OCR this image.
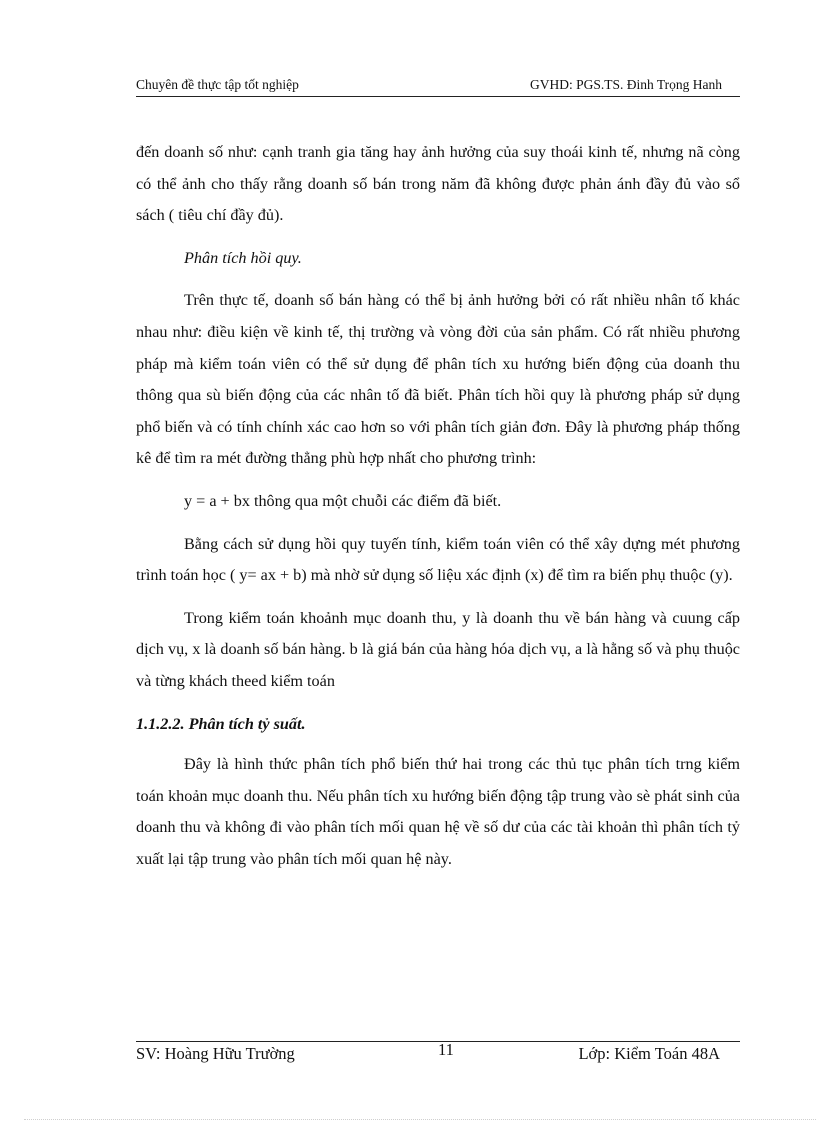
Chuyên đề thực tập tốt nghiệp	GVHD: PGS.TS. Đinh Trọng Hanh

đến doanh số như: cạnh tranh gia tăng hay ảnh hưởng của suy thoái kinh tế, nhưng nã còng có thể ảnh cho thấy rằng doanh số bán trong năm đã không được phản ánh đầy đủ vào sổ sách ( tiêu chí đầy đủ).

Phân tích hồi quy.

Trên thực tế, doanh số bán hàng có thể bị ảnh hưởng bởi có rất nhiều nhân tố khác nhau như: điều kiện về kinh tế, thị trường và vòng đời của sản phẩm. Có rất nhiều phương pháp mà kiểm toán viên có thể sử dụng để phân tích xu hướng biến động của doanh thu thông qua sù biến động của các nhân tố đã biết. Phân tích hồi quy là phương pháp sử dụng phổ biến và có tính chính xác cao hơn so với phân tích giản đơn. Đây là phương pháp thống kê để tìm ra mét đường thẳng phù hợp nhất cho phương trình:

y = a + bx thông qua một chuỗi các điểm đã biết.

Bằng cách sử dụng hồi quy tuyến tính, kiểm toán viên có thể xây dựng mét phương trình toán học ( y= ax + b) mà nhờ sử dụng số liệu xác định (x) để tìm ra biến phụ thuộc (y).

Trong kiểm toán khoảnh mục doanh thu, y là doanh thu về bán hàng và cuung cấp dịch vụ, x là doanh số bán hàng. b là giá bán của hàng hóa dịch vụ, a là hằng số và phụ thuộc và từng khách theed kiểm toán

1.1.2.2. Phân tích tỷ suất.

Đây là hình thức phân tích phổ biến thứ hai trong các thủ tục phân tích trng kiểm toán khoản mục doanh thu. Nếu phân tích xu hướng biến động tập trung vào sè phát sinh của doanh thu và không đi vào phân tích mối quan hệ về số dư của các tài khoản thì phân tích tỷ xuất lại tập trung vào phân tích mối quan hệ này.

SV: Hoàng Hữu Trường	11	Lớp: Kiểm Toán 48A
